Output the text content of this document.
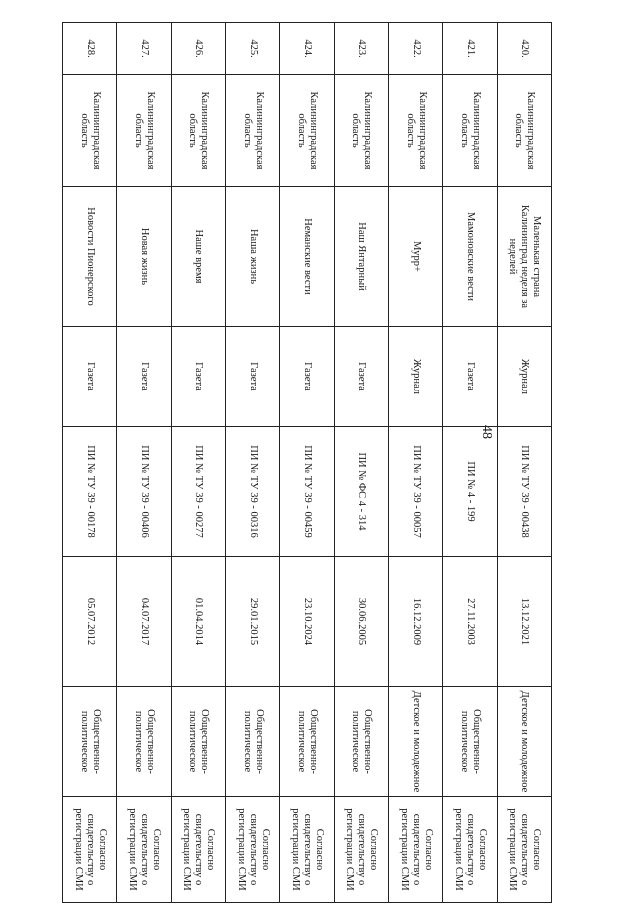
48
420.	Калининградская область	Маленькая страна Калининград неделя за неделей	Журнал	ПИ № ТУ 39 - 00438	13.12.2021	Детское и молодежное	Согласно свидетельству о регистрации СМИ
421.	Калининградская область	Мамоновские вести	Газета	ПИ № 4 - 199	27.11.2003	Общественно-политическое	Согласно свидетельству о регистрации СМИ
422.	Калининградская область	Мурр+	Журнал	ПИ № ТУ 39 - 00057	16.12.2009	Детское и молодежное	Согласно свидетельству о регистрации СМИ
423.	Калининградская область	Наш Янтарный	Газета	ПИ № ФС 4 - 314	30.06.2005	Общественно-политическое	Согласно свидетельству о регистрации СМИ
424.	Калининградская область	Неманские вести	Газета	ПИ № ТУ 39 - 00459	23.10.2024	Общественно-политическое	Согласно свидетельству о регистрации СМИ
425.	Калининградская область	Наша жизнь	Газета	ПИ № ТУ 39 - 00316	29.01.2015	Общественно-политическое	Согласно свидетельству о регистрации СМИ
426.	Калининградская область	Наше время	Газета	ПИ № ТУ 39 - 00277	01.04.2014	Общественно-политическое	Согласно свидетельству о регистрации СМИ
427.	Калининградская область	Новая жизнь	Газета	ПИ № ТУ 39 - 00406	04.07.2017	Общественно-политическое	Согласно свидетельству о регистрации СМИ
428.	Калининградская область	Новости Пионерского	Газета	ПИ № ТУ 39 - 00178	05.07.2012	Общественно-политическое	Согласно свидетельству о регистрации СМИ
